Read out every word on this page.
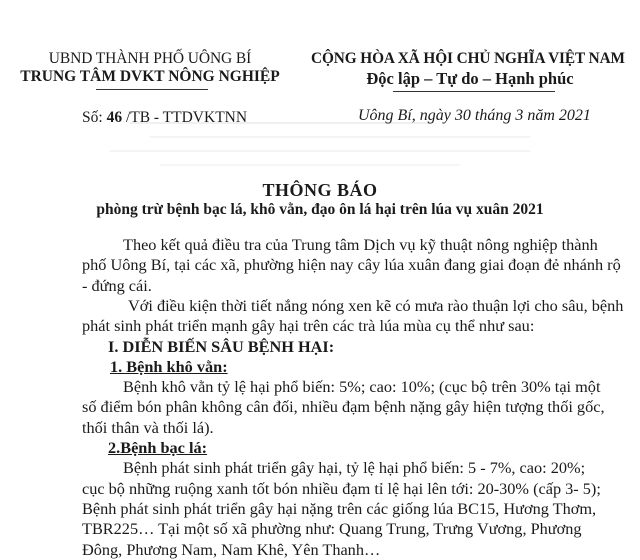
UBND THÀNH PHỐ UÔNG BÍ
TRUNG TÂM DVKT NÔNG NGHIỆP
CỘNG HÒA XÃ HỘI CHỦ NGHĨA VIỆT NAM
Độc lập – Tự do – Hạnh phúc
Số: 46 /TB - TTDVKTNN	Uông Bí, ngày 30 tháng 3 năm 2021
THÔNG BÁO
phòng trừ bệnh bạc lá, khô vằn, đạo ôn lá hại trên lúa vụ xuân 2021
Theo kết quả điều tra của Trung tâm Dịch vụ kỹ thuật nông nghiệp thành
phố Uông Bí, tại các xã, phường hiện nay cây lúa xuân đang giai đoạn đẻ nhánh rộ
- đứng cái.
Với điều kiện thời tiết nắng nóng xen kẽ có mưa rào thuận lợi cho sâu, bệnh
phát sinh phát triển mạnh gây hại trên các trà lúa mùa cụ thể như sau:
I. DIỄN BIẾN SÂU BỆNH HẠI:
1. Bệnh khô vằn:
Bệnh khô vằn tỷ lệ hại phổ biến: 5%; cao: 10%; (cục bộ trên 30% tại một
số điểm bón phân không cân đối, nhiều đạm bệnh nặng gây hiện tượng thối gốc,
thối thân và thối lá).
2.Bệnh bạc lá:
Bệnh phát sinh phát triển gây hại, tỷ lệ hại phổ biến: 5 - 7%, cao: 20%;
cục bộ những ruộng xanh tốt bón nhiều đạm tỉ lệ hại lên tới: 20-30% (cấp 3- 5);
Bệnh phát sinh phát triển gây hại nặng trên các giống lúa BC15, Hương Thơm,
TBR225… Tại một số xã phường như: Quang Trung, Trưng Vương, Phương
Đông, Phương Nam, Nam Khê, Yên Thanh…
